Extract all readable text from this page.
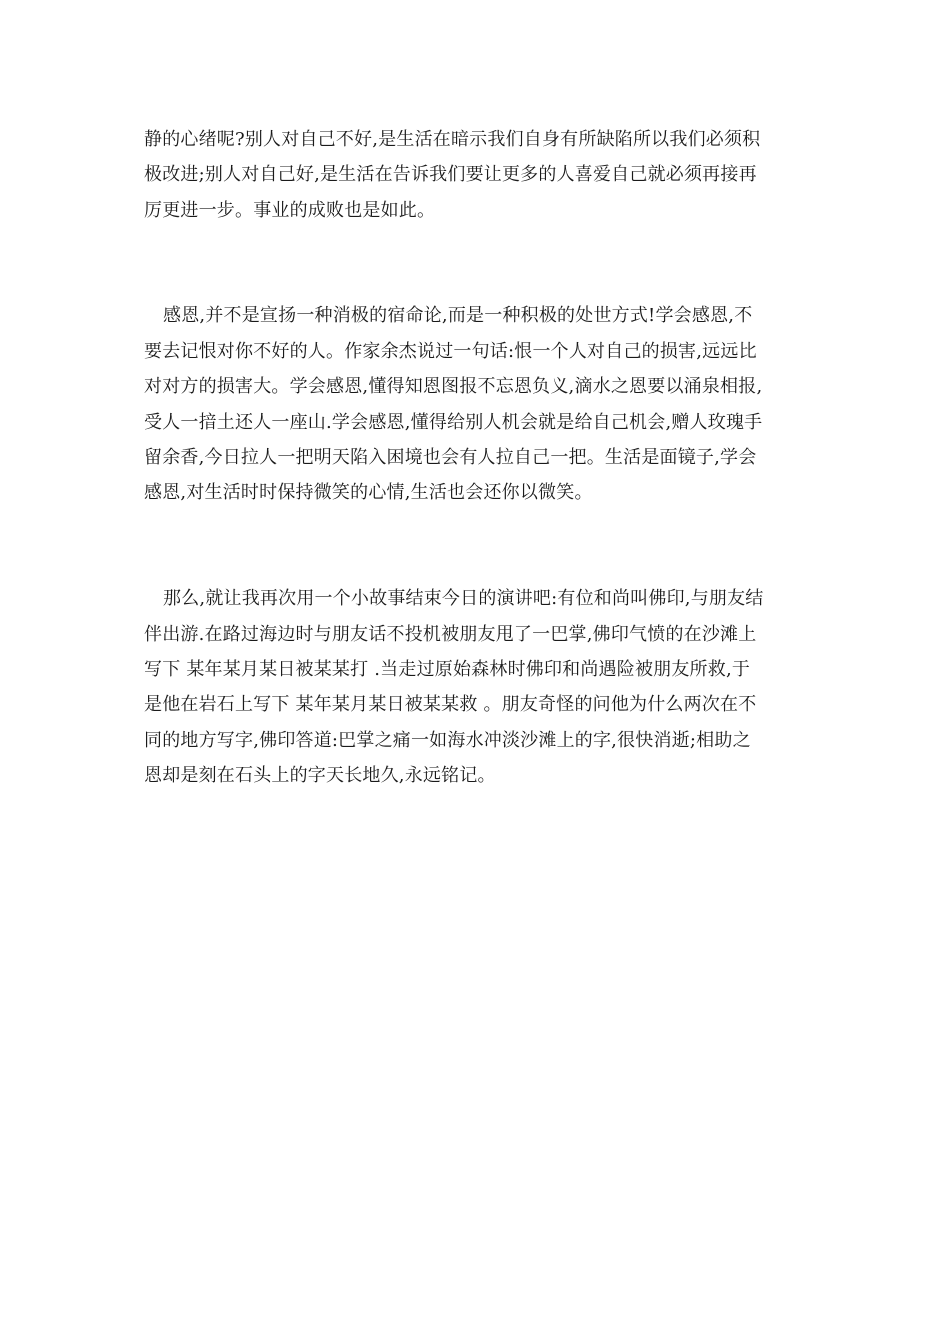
静的心绪呢?别人对自己不好,是生活在暗示我们自身有所缺陷所以我们必须积
极改进;别人对自己好,是生活在告诉我们要让更多的人喜爱自己就必须再接再
厉更进一步。事业的成败也是如此。
感恩,并不是宣扬一种消极的宿命论,而是一种积极的处世方式!学会感恩,不
要去记恨对你不好的人。作家余杰说过一句话:恨一个人对自己的损害,远远比
对对方的损害大。学会感恩,懂得知恩图报不忘恩负义,滴水之恩要以涌泉相报,
受人一揞土还人一座山.学会感恩,懂得给别人机会就是给自己机会,赠人玫瑰手
留余香,今日拉人一把明天陷入困境也会有人拉自己一把。生活是面镜子,学会
感恩,对生活时时保持微笑的心情,生活也会还你以微笑。
那么,就让我再次用一个小故事结束今日的演讲吧:有位和尚叫佛印,与朋友结
伴出游.在路过海边时与朋友话不投机被朋友甩了一巴掌,佛印气愤的在沙滩上
写下 某年某月某日被某某打 .当走过原始森林时佛印和尚遇险被朋友所救,于
是他在岩石上写下 某年某月某日被某某救 。朋友奇怪的问他为什么两次在不
同的地方写字,佛印答道:巴掌之痛一如海水冲淡沙滩上的字,很快消逝;相助之
恩却是刻在石头上的字天长地久,永远铭记。
